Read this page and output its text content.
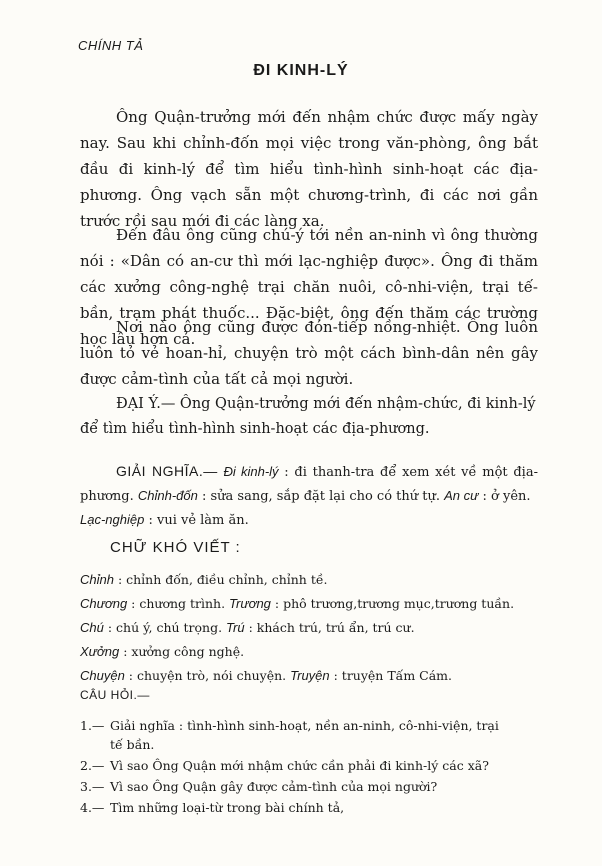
CHÍNH TẢ
ĐI KINH-LÝ

Ông Quận-trưởng mới đến nhậm chức được mấy ngày nay. Sau khi chỉnh-đốn mọi việc trong văn-phòng, ông bắt đầu đi kinh-lý để tìm hiểu tình-hình sinh-hoạt các địa-phương. Ông vạch sẵn một chương-trình, đi các nơi gần trước rồi sau mới đi các làng xa.

Đến đâu ông cũng chú-ý tới nền an-ninh vì ông thường nói : «Dân có an-cư thì mới lạc-nghiệp được». Ông đi thăm các xưởng công-nghệ trại chăn nuôi, cô-nhi-viện, trại tế-bần, trạm phát thuốc... Đặc-biệt, ông đến thăm các trường học lâu hơn cả.

Nơi nào ông cũng được đón-tiếp nồng-nhiệt. Ông luôn luôn tỏ vẻ hoan-hỉ, chuyện trò một cách bình-dân nên gây được cảm-tình của tất cả mọi người.

ĐẠI Ý.— Ông Quận-trưởng mới đến nhậm-chức, đi kinh-lý để tìm hiểu tình-hình sinh-hoạt các địa-phương.

GIẢI NGHĨA.— Đi kinh-lý : đi thanh-tra để xem xét về một địa-phương. Chỉnh-đốn : sửa sang, sắp đặt lại cho có thứ tự. An cư : ở yên.
Lạc-nghiệp : vui vẻ làm ăn.

CHỮ KHÓ VIẾT :
Chỉnh : chỉnh đốn, điều chỉnh, chỉnh tề.
Chương : chương trình. Trương : phô trương,trương mục,trương tuần.
Chú : chú ý, chú trọng. Trú : khách trú, trú ẩn, trú cư.
Xưởng : xưởng công nghệ.
Chuyện : chuyện trò, nói chuyện. Truyện : truyện Tấm Cám.
CÂU HỎI.—
1.— Giải nghĩa : tình-hình sinh-hoạt, nền an-ninh, cô-nhi-viện, trại
tế bần.
2.— Vì sao Ông Quận mới nhậm chức cần phải đi kinh-lý các xã?
3.— Vì sao Ông Quận gây được cảm-tình của mọi người?
4.— Tìm những loại-từ trong bài chính tả,
